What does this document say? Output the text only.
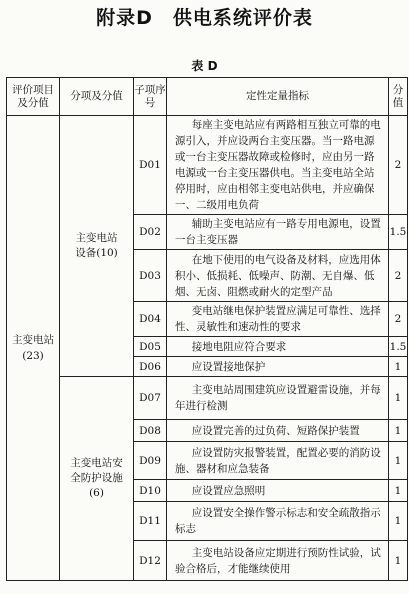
附录D　供电系统评价表
表 D
评价项目及分值	分项及分值	子项序号	定性定量指标	分值
主变电站
(23)	主变电站设备(10)	D01	每座主变电站应有两路相互独立可靠的电源引入，并应设两台主变压器。当一路电源或一台主变压器故障或检修时，应由另一路电源或一台主变压器供电。当主变电站全站停用时，应由相邻主变电站供电，并应确保一、二级用电负荷	2
		D02	辅助主变电站应有一路专用电源电，设置一台主变压器	1.5
		D03	在地下使用的电气设备及材料，应选用体积小、低损耗、低噪声、防潮、无自爆、低烟、无卤、阻燃或耐火的定型产品	2
		D04	变电站继电保护装置应满足可靠性、选择性、灵敏性和速动性的要求	2
		D05	接地电阻应符合要求	1.5
		D06	应设置接地保护	1
	主变电站安全防护设施(6)	D07	主变电站周围建筑应设置避雷设施，并每年进行检测	1
		D08	应设置完善的过负荷、短路保护装置	1
		D09	应设置防灾报警装置，配置必要的消防设施、器材和应急装备	1
		D10	应设置应急照明	1
		D11	应设置安全操作警示标志和安全疏散指示标志	1
		D12	主变电站设备应定期进行预防性试验，试验合格后，才能继续使用	1
